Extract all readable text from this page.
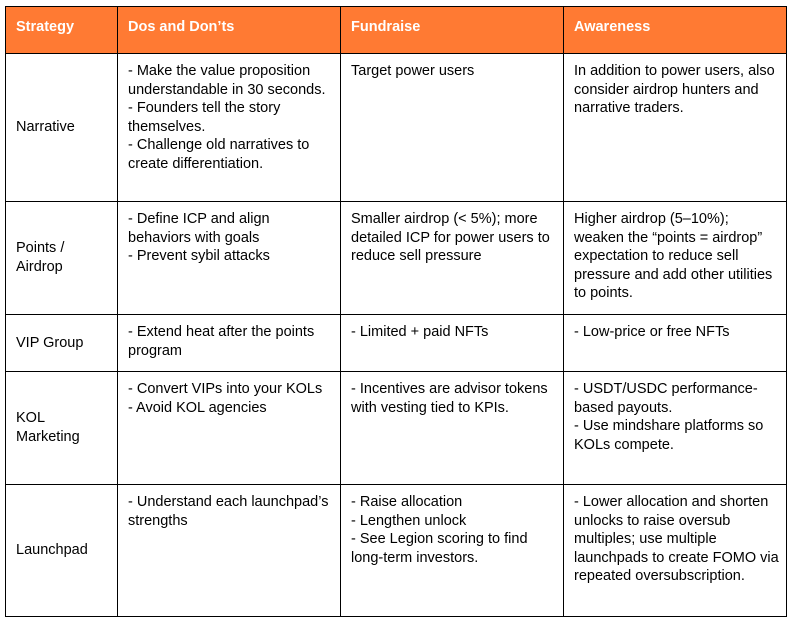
Strategy	Dos and Don’ts	Fundraise	Awareness
Narrative	- Make the value proposition understandable in 30 seconds.
- Founders tell the story themselves.
- Challenge old narratives to create differentiation.	Target power users	In addition to power users, also consider airdrop hunters and narrative traders.

Points / Airdrop	- Define ICP and align behaviors with goals
- Prevent sybil attacks	Smaller airdrop (< 5%); more detailed ICP for power users to reduce sell pressure	Higher airdrop (5–10%); weaken the “points = airdrop” expectation to reduce sell pressure and add other utilities to points.

VIP Group	- Extend heat after the points program	- Limited + paid NFTs	- Low-price or free NFTs

KOL Marketing	- Convert VIPs into your KOLs
- Avoid KOL agencies	- Incentives are advisor tokens with vesting tied to KPIs.	- USDT/USDC performance-based payouts.
- Use mindshare platforms so KOLs compete.

Launchpad	- Understand each launchpad’s strengths	- Raise allocation
- Lengthen unlock
- See Legion scoring to find long-term investors.	- Lower allocation and shorten unlocks to raise oversub multiples; use multiple launchpads to create FOMO via repeated oversubscription.
